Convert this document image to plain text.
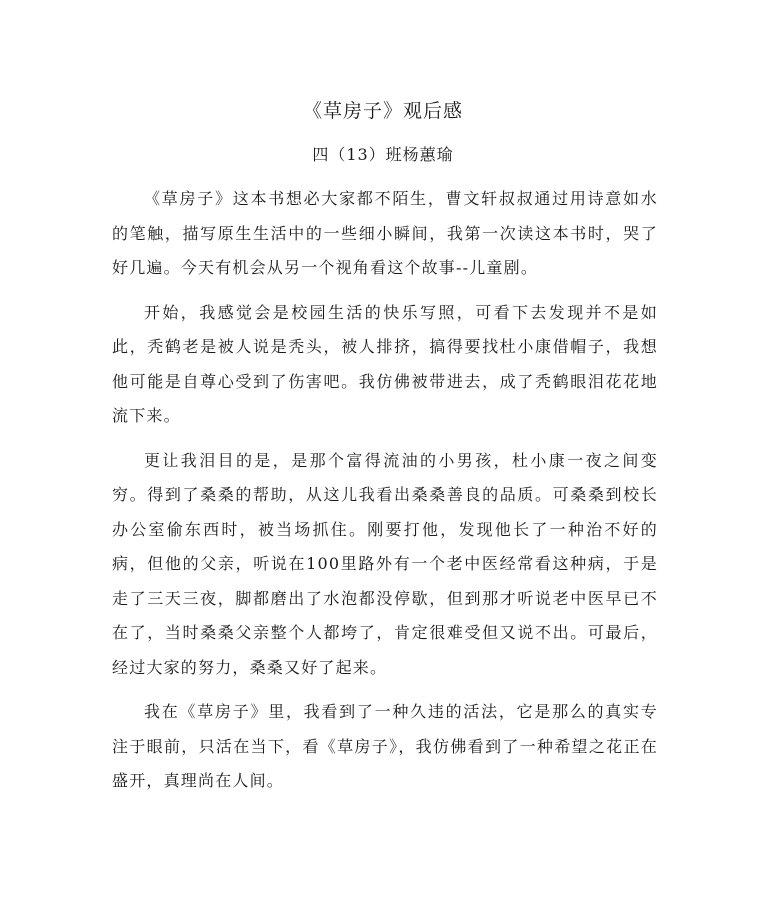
《草房子》观后感
四（13）班杨蕙瑜

《草房子》这本书想必大家都不陌生，曹文轩叔叔通过用诗意如水的笔触，描写原生生活中的一些细小瞬间，我第一次读这本书时，哭了好几遍。今天有机会从另一个视角看这个故事--儿童剧。

开始，我感觉会是校园生活的快乐写照，可看下去发现并不是如此，秃鹤老是被人说是秃头，被人排挤，搞得要找杜小康借帽子，我想他可能是自尊心受到了伤害吧。我仿佛被带进去，成了秃鹤眼泪花花地流下来。

更让我泪目的是，是那个富得流油的小男孩，杜小康一夜之间变穷。得到了桑桑的帮助，从这儿我看出桑桑善良的品质。可桑桑到校长办公室偷东西时，被当场抓住。刚要打他，发现他长了一种治不好的病，但他的父亲，听说在100里路外有一个老中医经常看这种病，于是走了三天三夜，脚都磨出了水泡都没停歇，但到那才听说老中医早已不在了，当时桑桑父亲整个人都垮了，肯定很难受但又说不出。可最后，经过大家的努力，桑桑又好了起来。

我在《草房子》里，我看到了一种久违的活法，它是那么的真实专注于眼前，只活在当下，看《草房子》，我仿佛看到了一种希望之花正在盛开，真理尚在人间。
